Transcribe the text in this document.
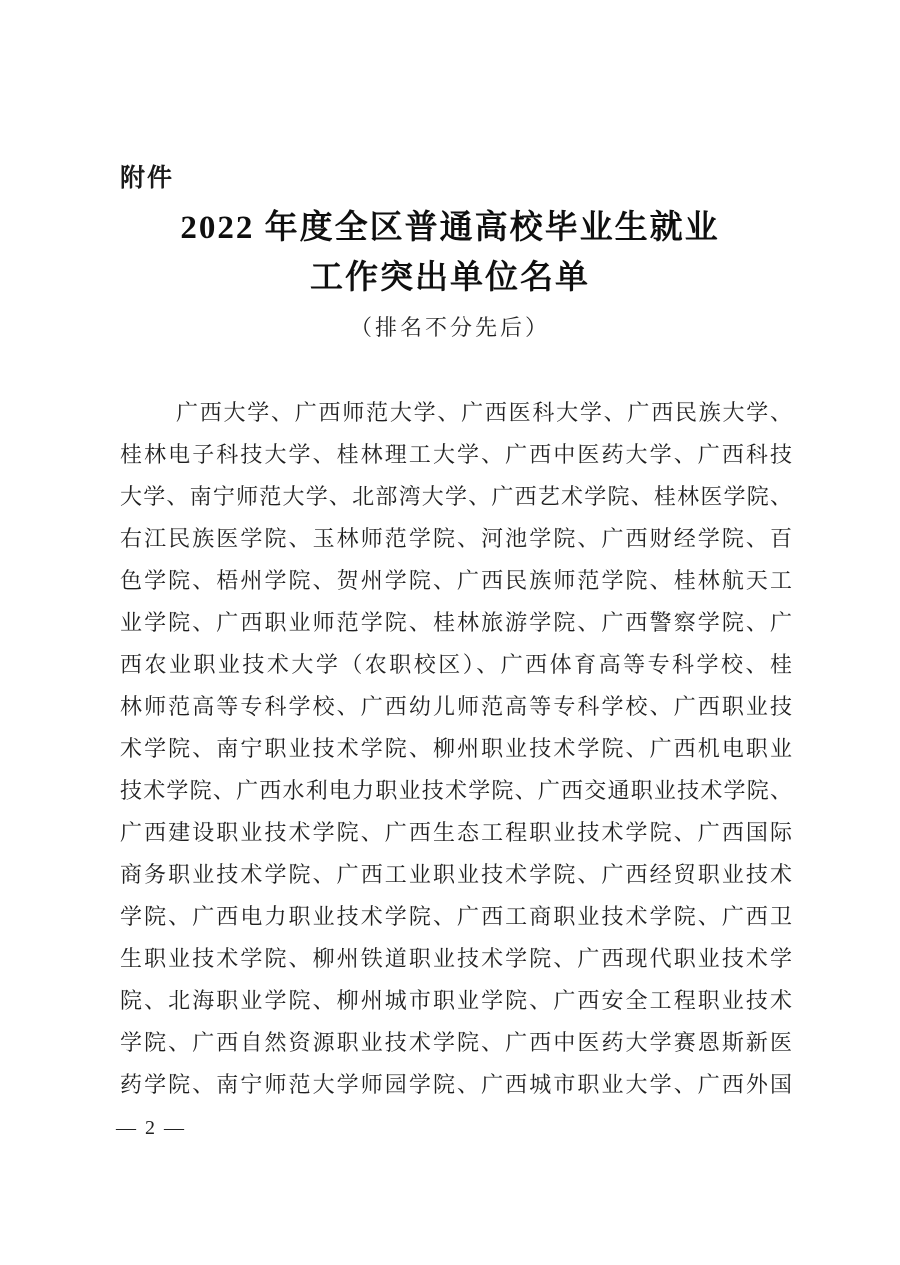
附件
2022 年度全区普通高校毕业生就业
工作突出单位名单
（排名不分先后）
广西大学、广西师范大学、广西医科大学、广西民族大学、
桂林电子科技大学、桂林理工大学、广西中医药大学、广西科技
大学、南宁师范大学、北部湾大学、广西艺术学院、桂林医学院、
右江民族医学院、玉林师范学院、河池学院、广西财经学院、百
色学院、梧州学院、贺州学院、广西民族师范学院、桂林航天工
业学院、广西职业师范学院、桂林旅游学院、广西警察学院、广
西农业职业技术大学（农职校区）、广西体育高等专科学校、桂
林师范高等专科学校、广西幼儿师范高等专科学校、广西职业技
术学院、南宁职业技术学院、柳州职业技术学院、广西机电职业
技术学院、广西水利电力职业技术学院、广西交通职业技术学院、
广西建设职业技术学院、广西生态工程职业技术学院、广西国际
商务职业技术学院、广西工业职业技术学院、广西经贸职业技术
学院、广西电力职业技术学院、广西工商职业技术学院、广西卫
生职业技术学院、柳州铁道职业技术学院、广西现代职业技术学
院、北海职业学院、柳州城市职业学院、广西安全工程职业技术
学院、广西自然资源职业技术学院、广西中医药大学赛恩斯新医
药学院、南宁师范大学师园学院、广西城市职业大学、广西外国
— 2 —
